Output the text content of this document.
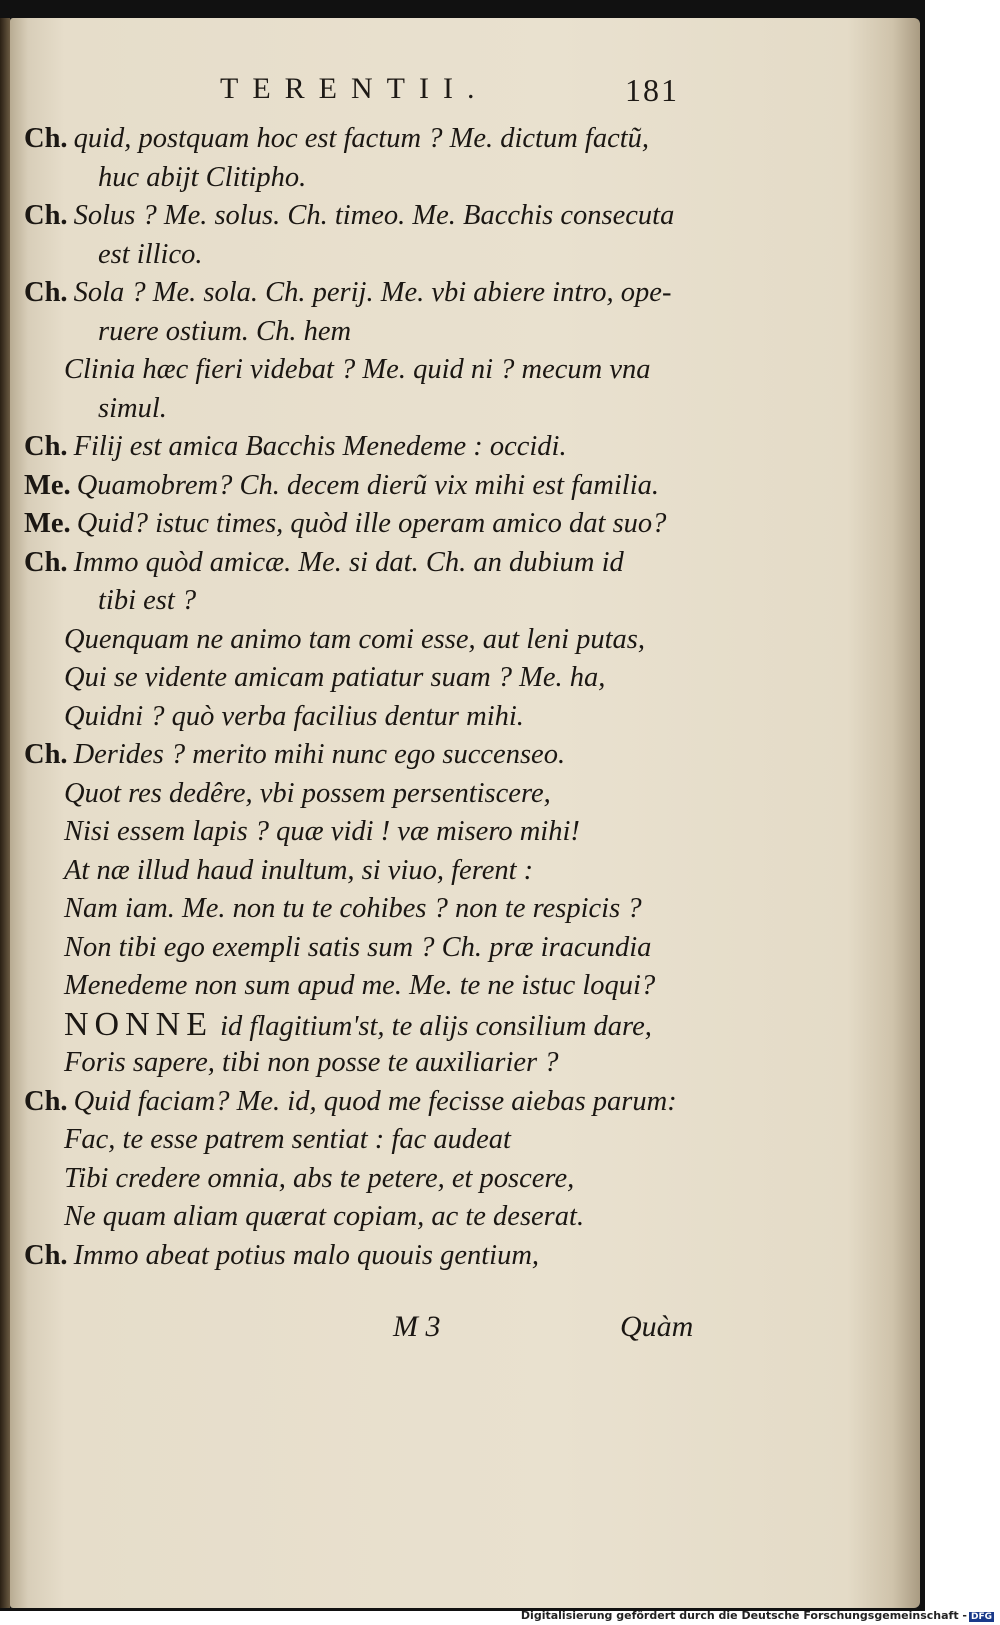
TERENTII.	181
Ch. quid, postquam hoc est factum ? Me. dictum factũ,
huc abijt Clitipho.
Ch. Solus ? Me. solus. Ch. timeo. Me. Bacchis consecuta
est illico.
Ch. Sola ? Me. sola. Ch. perij. Me. vbi abiere intro, ope-
ruere ostium. Ch. hem
Clinia hæc fieri videbat ? Me. quid ni ? mecum vna
simul.
Ch. Filij est amica Bacchis Menedeme : occidi.
Me. Quamobrem? Ch. decem dierũ vix mihi est familia.
Me. Quid? istuc times, quòd ille operam amico dat suo?
Ch. Immo quòd amicæ. Me. si dat. Ch. an dubium id
tibi est ?
Quenquam ne animo tam comi esse, aut leni putas,
Qui se vidente amicam patiatur suam ? Me. ha,
Quidni ? quò verba facilius dentur mihi.
Ch. Derides ? merito mihi nunc ego succenseo.
Quot res dedêre, vbi possem persentiscere,
Nisi essem lapis ? quæ vidi ! væ misero mihi!
At næ illud haud inultum, si viuo, ferent :
Nam iam. Me. non tu te cohibes ? non te respicis ?
Non tibi ego exempli satis sum ? Ch. præ iracundia
Menedeme non sum apud me. Me. te ne istuc loqui?
NONNE id flagitium'st, te alijs consilium dare,
Foris sapere, tibi non posse te auxiliarier ?
Ch. Quid faciam? Me. id, quod me fecisse aiebas parum:
Fac, te esse patrem sentiat : fac audeat
Tibi credere omnia, abs te petere, et poscere,
Ne quam aliam quærat copiam, ac te deserat.
Ch. Immo abeat potius malo quouis gentium,
M 3	Quàm
Digitalisierung gefördert durch die Deutsche Forschungsgemeinschaft - DFG
